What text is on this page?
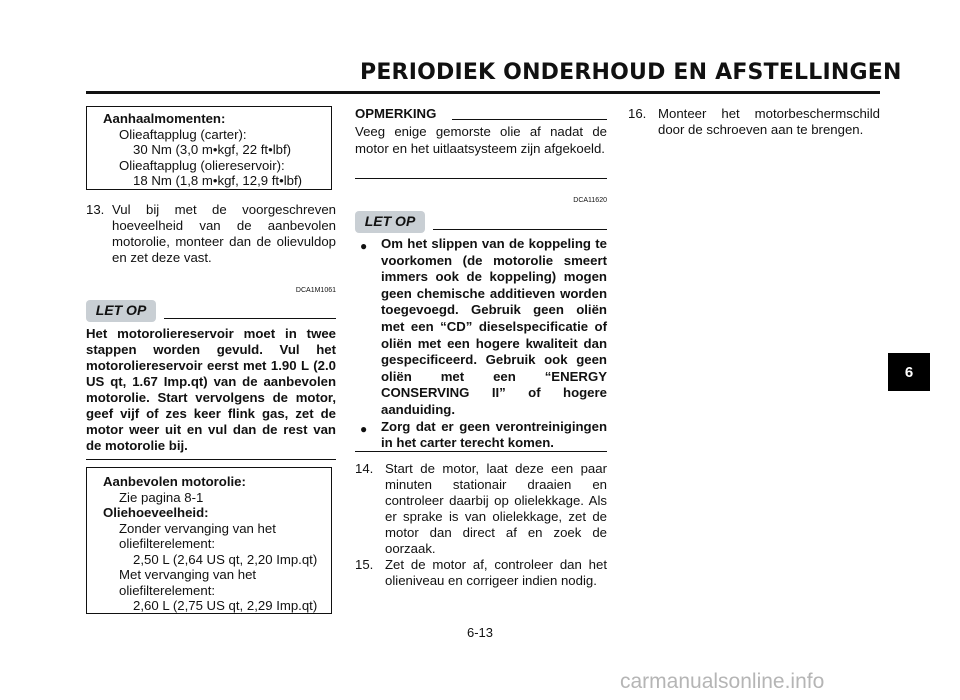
PERIODIEK ONDERHOUD EN AFSTELLINGEN
Aanhaalmomenten:
Olieaftapplug (carter):
30 Nm (3,0 m•kgf, 22 ft•lbf)
Olieaftapplug (oliereservoir):
18 Nm (1,8 m•kgf, 12,9 ft•lbf)
13. Vul bij met de voorgeschreven hoeveelheid van de aanbevolen motorolie, monteer dan de olievuldop en zet deze vast.
DCA1M1061
LET OP
Het motoroliereservoir moet in twee stappen worden gevuld. Vul het motoroliereservoir eerst met 1.90 L (2.0 US qt, 1.67 Imp.qt) van de aanbevolen motorolie. Start vervolgens de motor, geef vijf of zes keer flink gas, zet de motor weer uit en vul dan de rest van de motorolie bij.
Aanbevolen motorolie:
Zie pagina 8-1
Oliehoeveelheid:
Zonder vervanging van het
oliefilterelement:
2,50 L (2,64 US qt, 2,20 Imp.qt)
Met vervanging van het
oliefilterelement:
2,60 L (2,75 US qt, 2,29 Imp.qt)
OPMERKING
Veeg enige gemorste olie af nadat de motor en het uitlaatsysteem zijn afgekoeld.
DCA11620
LET OP
● Om het slippen van de koppeling te voorkomen (de motorolie smeert immers ook de koppeling) mogen geen chemische additieven worden toegevoegd. Gebruik geen oliën met een “CD” dieselspecificatie of oliën met een hogere kwaliteit dan gespecificeerd. Gebruik ook geen oliën met een “ENERGY CONSERVING II” of hogere aanduiding.
● Zorg dat er geen verontreinigingen in het carter terecht komen.
14. Start de motor, laat deze een paar minuten stationair draaien en controleer daarbij op olielekkage. Als er sprake is van olielekkage, zet de motor dan direct af en zoek de oorzaak.
15. Zet de motor af, controleer dan het olieniveau en corrigeer indien nodig.
16. Monteer het motorbeschermschild door de schroeven aan te brengen.
6
6-13
carmanualsonline.info
